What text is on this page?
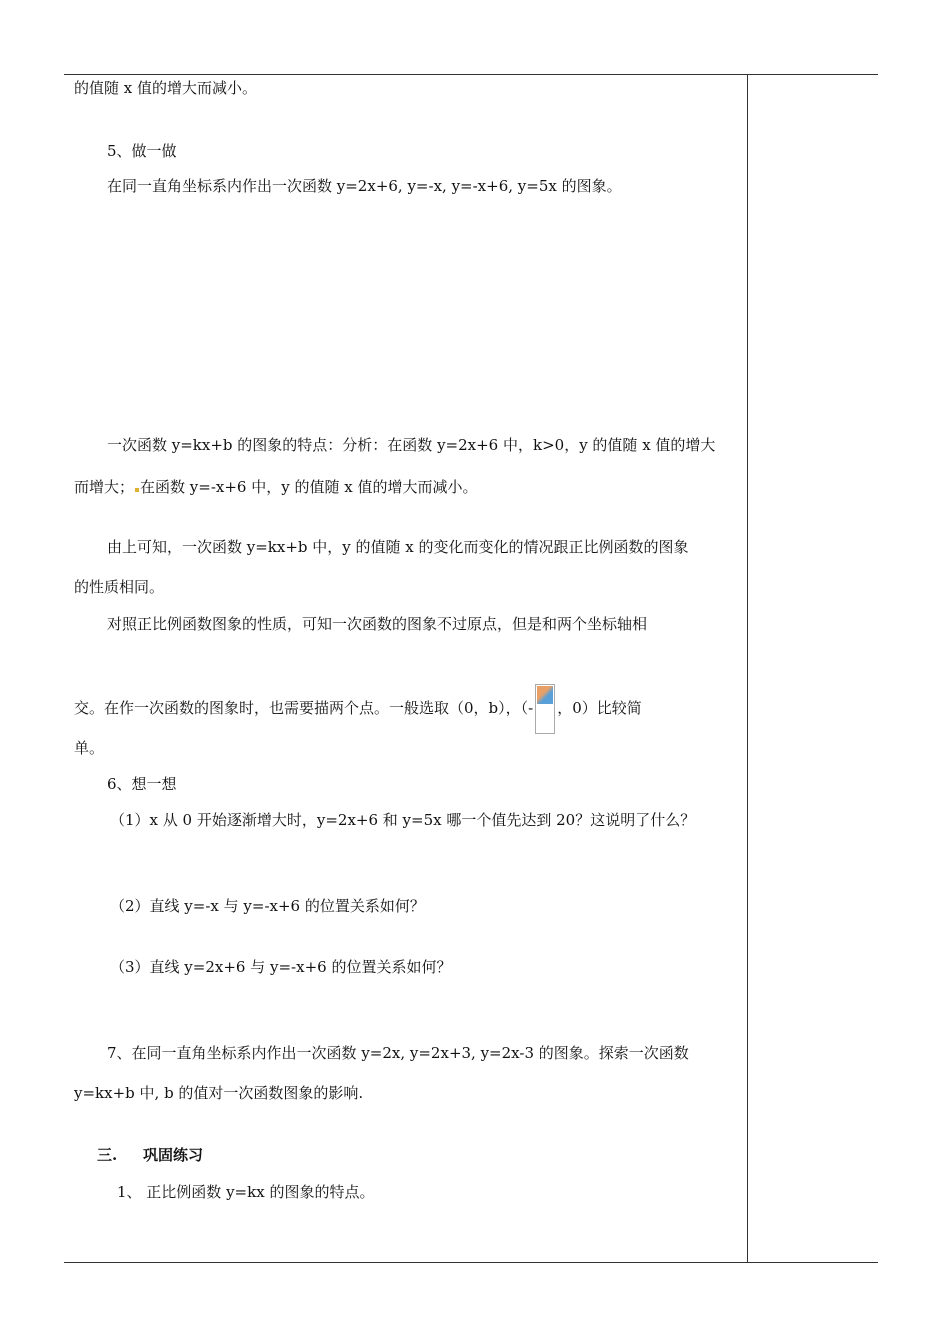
的值随 x 值的增大而减小。
5、做一做
在同一直角坐标系内作出一次函数 y=2x+6, y=-x, y=-x+6, y=5x 的图象。
一次函数 y=kx+b 的图象的特点：分析：在函数 y=2x+6 中，k>0，y 的值随 x 值的增大
而增大； 在函数 y=-x+6 中，y 的值随 x 值的增大而减小。
由上可知，一次函数 y=kx+b 中，y 的值随 x 的变化而变化的情况跟正比例函数的图象
的性质相同。
对照正比例函数图象的性质，可知一次函数的图象不过原点，但是和两个坐标轴相
交。在作一次函数的图象时，也需要描两个点。一般选取（0，b），（- ，0）比较简
单。
6、想一想
（1）x 从 0 开始逐渐增大时，y=2x+6 和 y=5x 哪一个值先达到 20？这说明了什么？
（2）直线 y=-x 与 y=-x+6 的位置关系如何？
（3）直线 y=2x+6 与 y=-x+6 的位置关系如何？
7、在同一直角坐标系内作出一次函数 y=2x, y=2x+3, y=2x-3 的图象。探索一次函数
y=kx+b 中, b 的值对一次函数图象的影响.
三. 巩固练习
1、 正比例函数 y=kx 的图象的特点。
